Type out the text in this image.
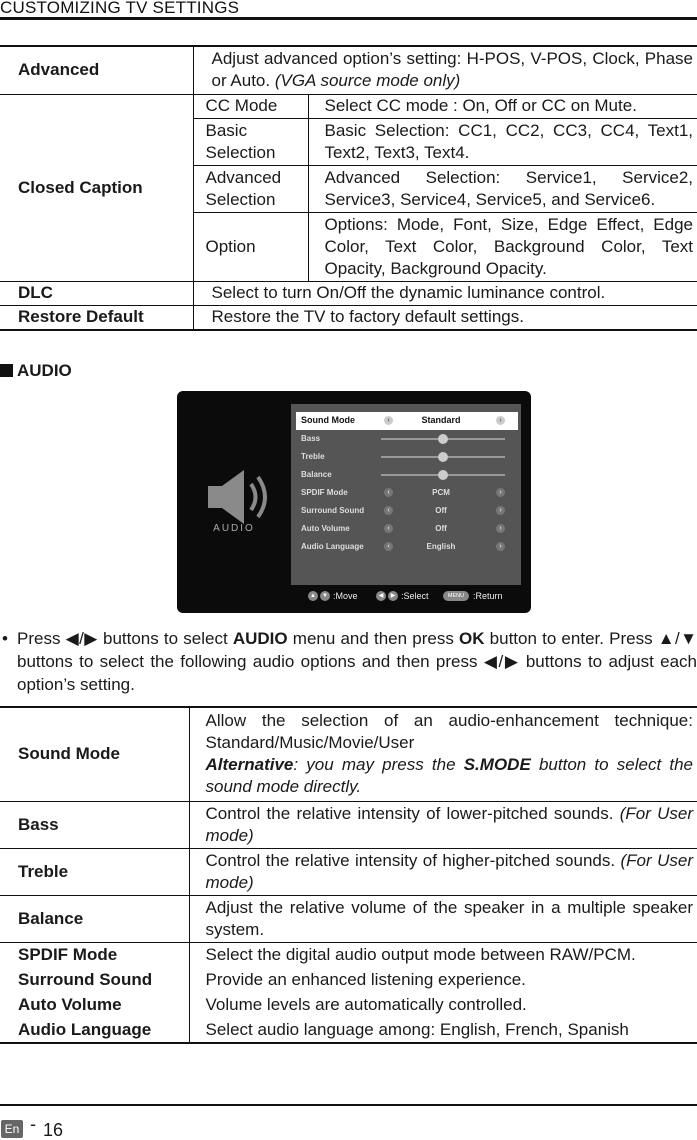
CUSTOMIZING TV SETTINGS
Advanced	Adjust advanced option’s setting: H-POS, V-POS, Clock, Phase or Auto. (VGA source mode only)	
Closed Caption	CC Mode	Select CC mode : On, Off or CC on Mute.
	Basic Selection	Basic Selection: CC1, CC2, CC3, CC4, Text1, Text2, Text3, Text4.
	Advanced Selection	Advanced Selection: Service1, Service2, Service3, Service4, Service5, and Service6.
	Option	Options: Mode, Font, Size, Edge Effect, Edge Color, Text Color, Background Color, Text Opacity, Background Opacity.
DLC	Select to turn On/Off the dynamic luminance control.	
Restore Default	Restore the TV to factory default settings.	
AUDIO
AUDIO
Sound Mode	‹	Standard	›
Bass
Treble
Balance
SPDIF Mode	‹	PCM	›
Surround Sound	‹	Off	›
Auto Volume	‹	Off	›
Audio Language	‹	English	›
▲	▼ :Move	◀	▶ :Select	MENU :Return
• Press ◀/▶ buttons to select AUDIO menu and then press OK button to enter. Press ▲/▼ buttons to select the following audio options and then press ◀/▶ buttons to adjust each option’s setting.
Sound Mode	Allow the selection of an audio-enhancement technique: Standard/Music/Movie/User
Alternative: you may press the S.MODE button to select the sound mode directly.
Bass	Control the relative intensity of lower-pitched sounds. (For User mode)
Treble	Control the relative intensity of higher-pitched sounds. (For User mode)
Balance	Adjust the relative volume of the speaker in a multiple speaker system.
SPDIF Mode	Select the digital audio output mode between RAW/PCM.
Surround Sound	Provide an enhanced listening experience.
Auto Volume	Volume levels are automatically controlled.
Audio Language	Select audio language among: English, French, Spanish
En - 16
